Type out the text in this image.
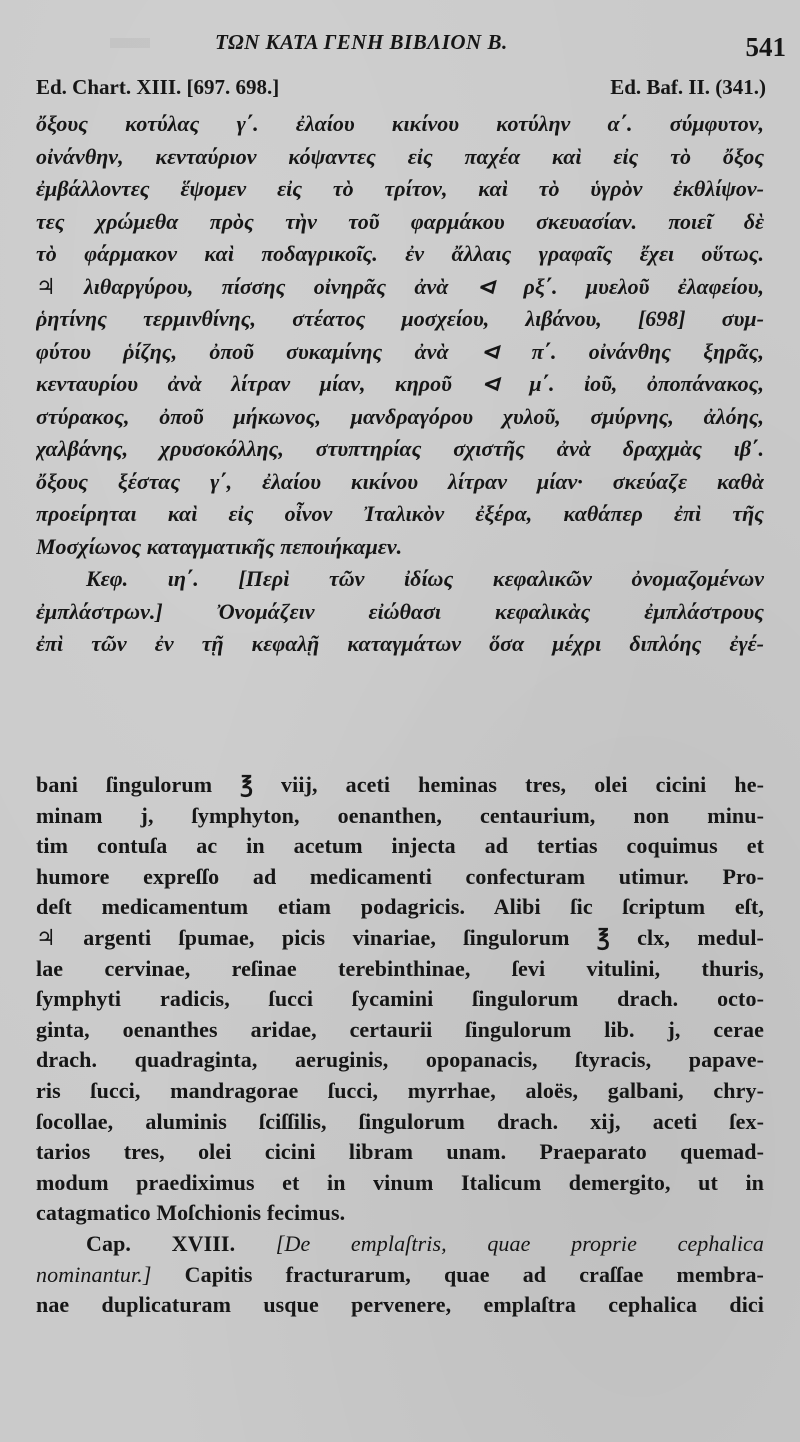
ΤΩΝ ΚΑΤΑ ΓΕΝΗ ΒΙΒΛΙΟΝ Β.	541
Ed. Chart. XIII. [697. 698.]	Ed. Baf. II. (341.)
ὄξους κοτύλας γ΄. ἐλαίου κικίνου κοτύλην α΄. σύμφυτον,
οἰνάνθην, κενταύριον κόψαντες εἰς παχέα καὶ εἰς τὸ ὄξος
ἐμβάλλοντες ἕψομεν εἰς τὸ τρίτον, καὶ τὸ ὑγρὸν ἐκθλίψον-
τες χρώμεθα πρὸς τὴν τοῦ φαρμάκου σκευασίαν. ποιεῖ δὲ
τὸ φάρμακον καὶ ποδαγρικοῖς. ἐν ἄλλαις γραφαῖς ἔχει οὕτως.
♃ λιθαργύρου, πίσσης οἰνηρᾶς ἀνὰ ⊲ ρξ΄. μυελοῦ ἐλαφείου,
ῥητίνης τερμινθίνης, στέατος μοσχείου, λιβάνου, [698] συμ-
φύτου ῥίζης, ὀποῦ συκαμίνης ἀνὰ ⊲ π΄. οἰνάνθης ξηρᾶς,
κενταυρίου ἀνὰ λίτραν μίαν, κηροῦ ⊲ μ΄. ἰοῦ, ὀποπάνακος,
στύρακος, ὀποῦ μήκωνος, μανδραγόρου χυλοῦ, σμύρνης, ἀλόης,
χαλβάνης, χρυσοκόλλης, στυπτηρίας σχιστῆς ἀνὰ δραχμὰς ιβ΄.
ὄξους ξέστας γ΄, ἐλαίου κικίνου λίτραν μίαν· σκεύαζε καθὰ
προείρηται καὶ εἰς οἶνον Ἰταλικὸν ἐξέρα, καθάπερ ἐπὶ τῆς
Μοσχίωνος καταγματικῆς πεποιήκαμεν.
Κεφ. ιη΄. [Περὶ τῶν ἰδίως κεφαλικῶν ὀνομαζομένων
ἐμπλάστρων.] Ὀνομάζειν εἰώθασι κεφαλικὰς ἐμπλάστρους
ἐπὶ τῶν ἐν τῇ κεφαλῇ καταγμάτων ὅσα μέχρι διπλόης ἐγέ-
bani ſingulorum ℥ viij, aceti heminas tres, olei cicini he-
minam j, ſymphyton, oenanthen, centaurium, non minu-
tim contuſa ac in acetum injecta ad tertias coquimus et
humore expreſſo ad medicamenti confecturam utimur. Pro-
deſt medicamentum etiam podagricis. Alibi ſic ſcriptum eſt,
♃ argenti ſpumae, picis vinariae, ſingulorum ℥ clx, medul-
lae cervinae, reſinae terebinthinae, ſevi vitulini, thuris,
ſymphyti radicis, ſucci ſycamini ſingulorum drach. octo-
ginta, oenanthes aridae, certaurii ſingulorum lib. j, cerae
drach. quadraginta, aeruginis, opopanacis, ſtyracis, papave-
ris ſucci, mandragorae ſucci, myrrhae, aloës, galbani, chry-
ſocollae, aluminis ſciſſilis, ſingulorum drach. xij, aceti ſex-
tarios tres, olei cicini libram unam. Praeparato quemad-
modum praediximus et in vinum Italicum demergito, ut in
catagmatico Moſchionis fecimus.
Cap. XVIII. [De emplaſtris, quae proprie cephalica
nominantur.] Capitis fracturarum, quae ad craſſae membra-
nae duplicaturam usque pervenere, emplaſtra cephalica dici
